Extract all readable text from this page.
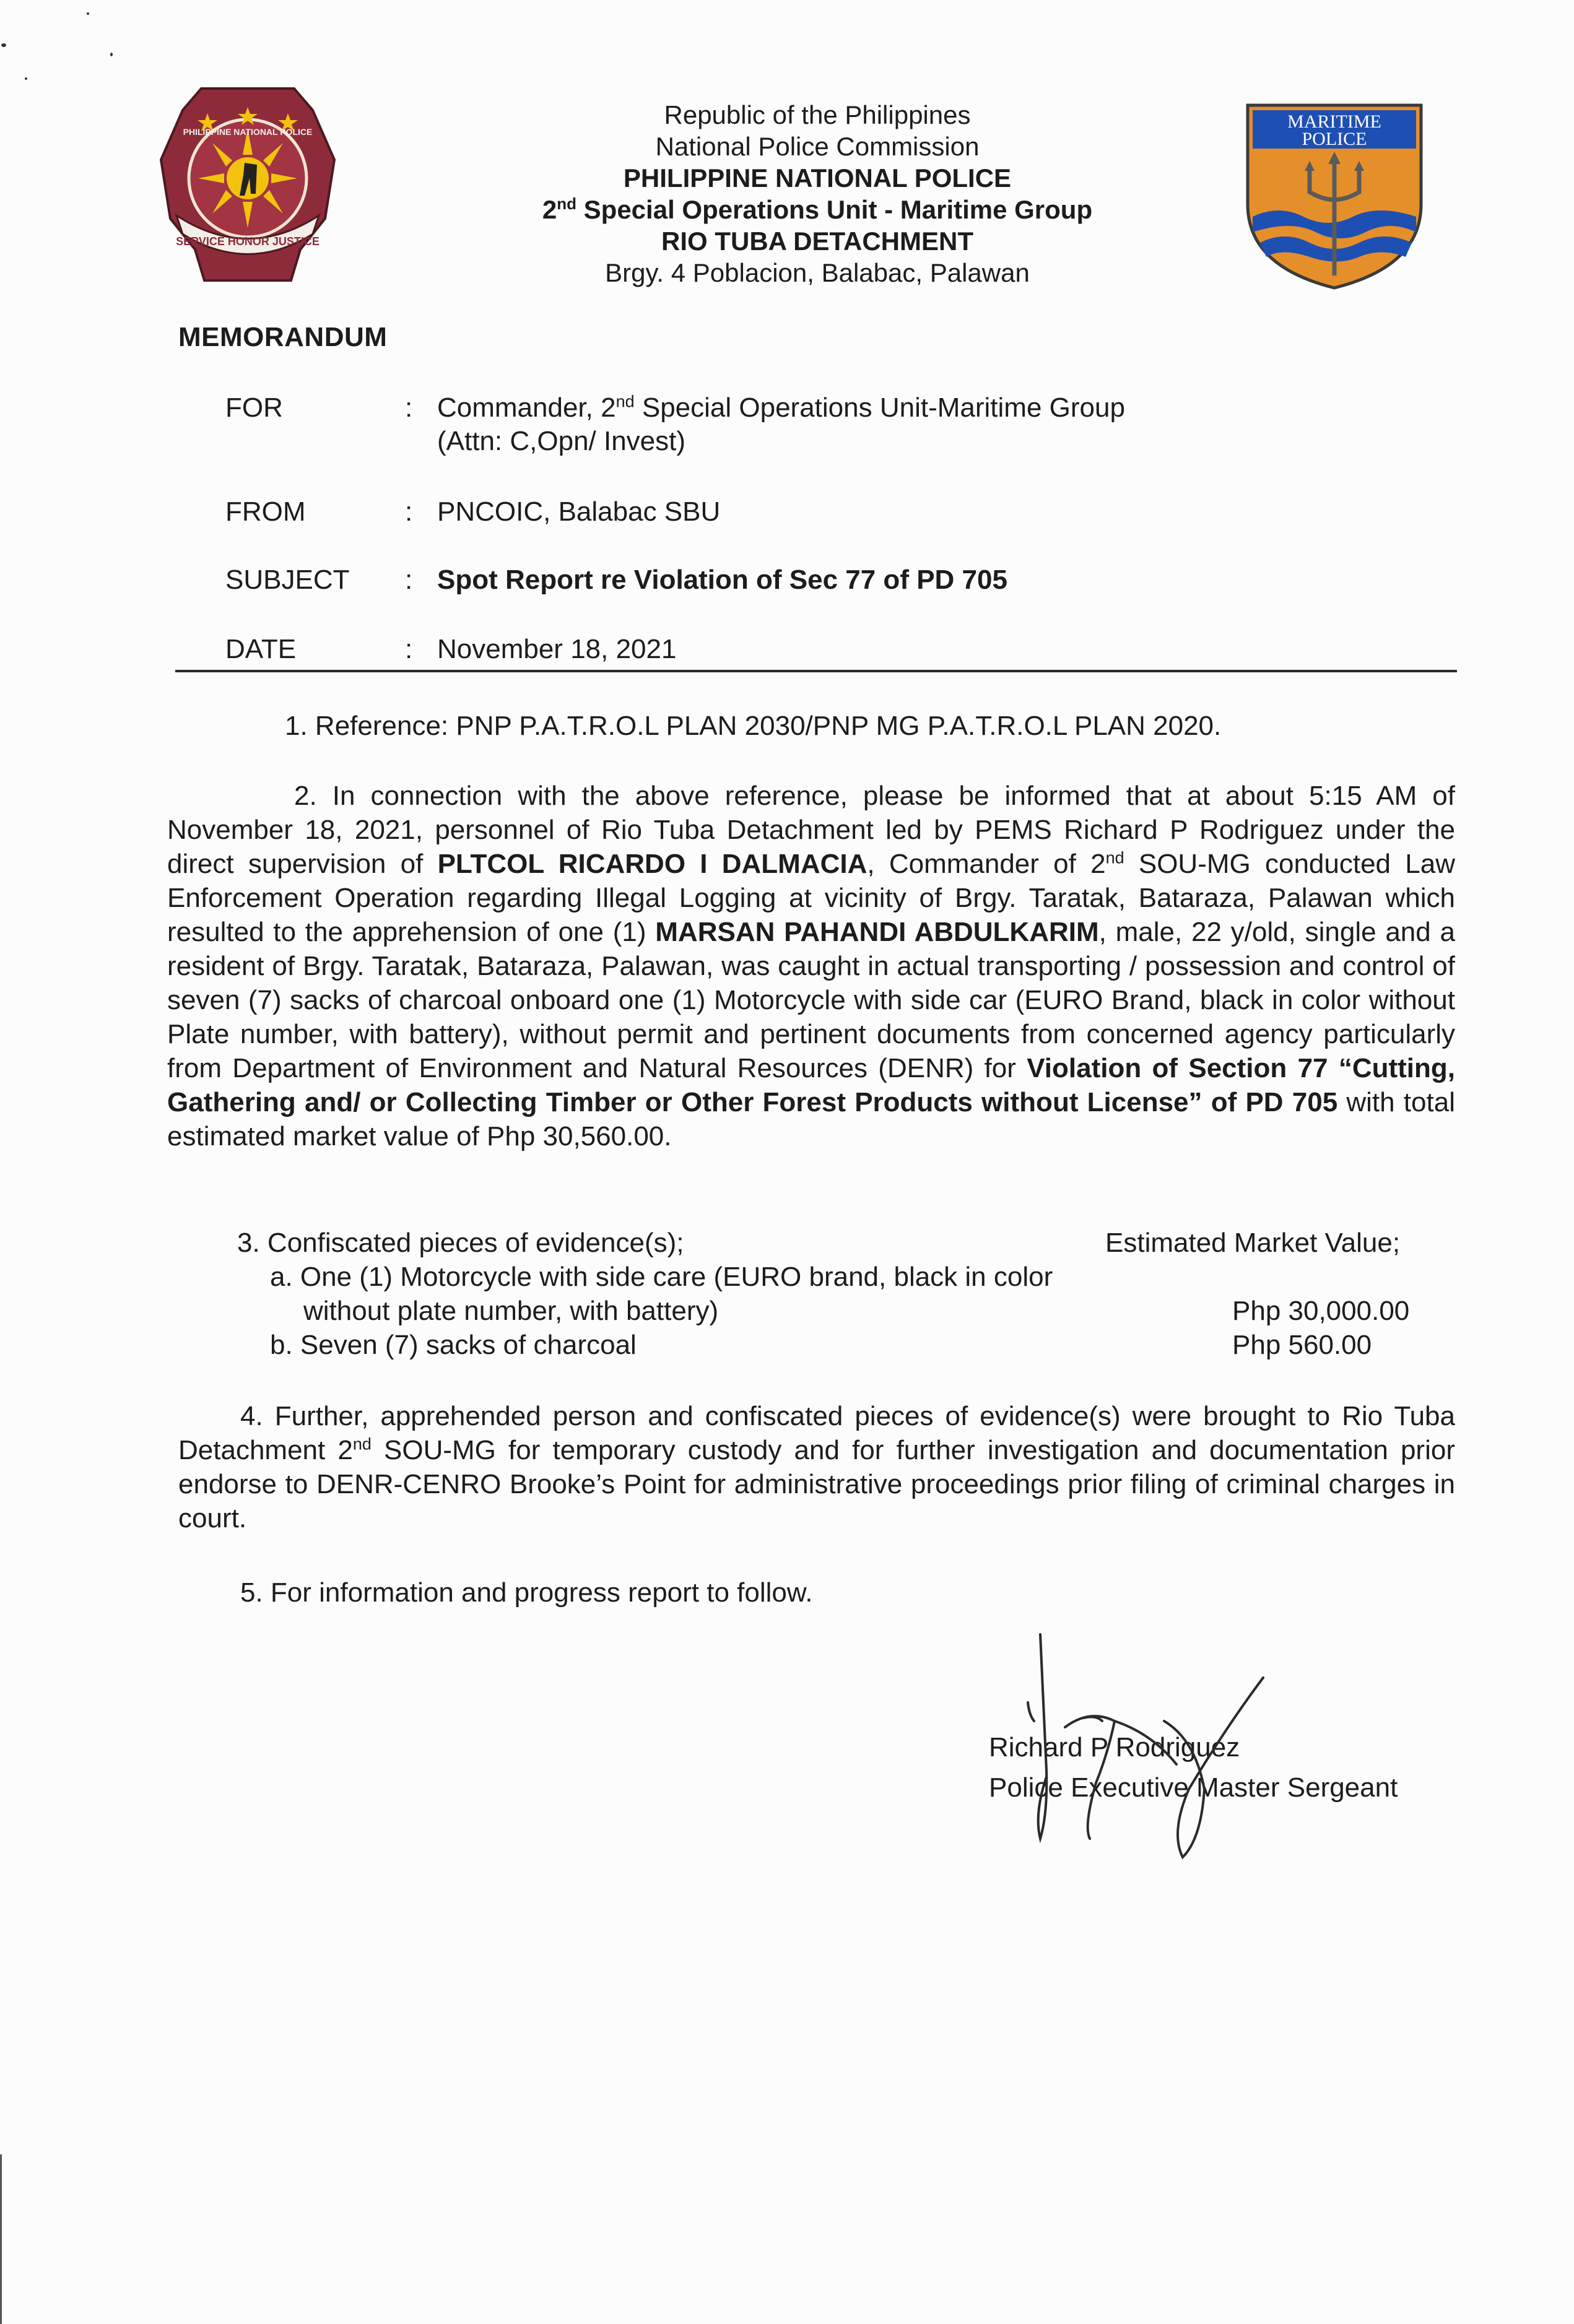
SERVICE HONOR JUSTICE
PHILIPPINE NATIONAL POLICE
Republic of the Philippines
National Police Commission
PHILIPPINE NATIONAL POLICE
2nd Special Operations Unit - Maritime Group
RIO TUBA DETACHMENT
Brgy. 4 Poblacion, Balabac, Palawan
MARITIME
POLICE
MEMORANDUM
FOR	: Commander, 2nd Special Operations Unit-Maritime Group
(Attn: C,Opn/ Invest)
FROM	: PNCOIC, Balabac SBU
SUBJECT	: Spot Report re Violation of Sec 77 of PD 705
DATE	: November 18, 2021
1. Reference: PNP P.A.T.R.O.L PLAN 2030/PNP MG P.A.T.R.O.L PLAN 2020.
2. In connection with the above reference, please be informed that at about 5:15 AM of November 18, 2021, personnel of Rio Tuba Detachment led by PEMS Richard P Rodriguez under the direct supervision of PLTCOL RICARDO I DALMACIA, Commander of 2nd SOU-MG conducted Law Enforcement Operation regarding Illegal Logging at vicinity of Brgy. Taratak, Bataraza, Palawan which resulted to the apprehension of one (1) MARSAN PAHANDI ABDULKARIM, male, 22 y/old, single and a resident of Brgy. Taratak, Bataraza, Palawan, was caught in actual transporting / possession and control of seven (7) sacks of charcoal onboard one (1) Motorcycle with side car (EURO Brand, black in color without Plate number, with battery), without permit and pertinent documents from concerned agency particularly from Department of Environment and Natural Resources (DENR) for Violation of Section 77 “Cutting, Gathering and/ or Collecting Timber or Other Forest Products without License” of PD 705 with total estimated market value of Php 30,560.00.
3. Confiscated pieces of evidence(s);	Estimated Market Value;
a. One (1) Motorcycle with side care (EURO brand, black in color
without plate number, with battery)	Php 30,000.00
b. Seven (7) sacks of charcoal	Php 560.00
4. Further, apprehended person and confiscated pieces of evidence(s) were brought to Rio Tuba Detachment 2nd SOU-MG for temporary custody and for further investigation and documentation prior endorse to DENR-CENRO Brooke’s Point for administrative proceedings prior filing of criminal charges in court.
5. For information and progress report to follow.
Richard P Rodriguez
Police Executive Master Sergeant
